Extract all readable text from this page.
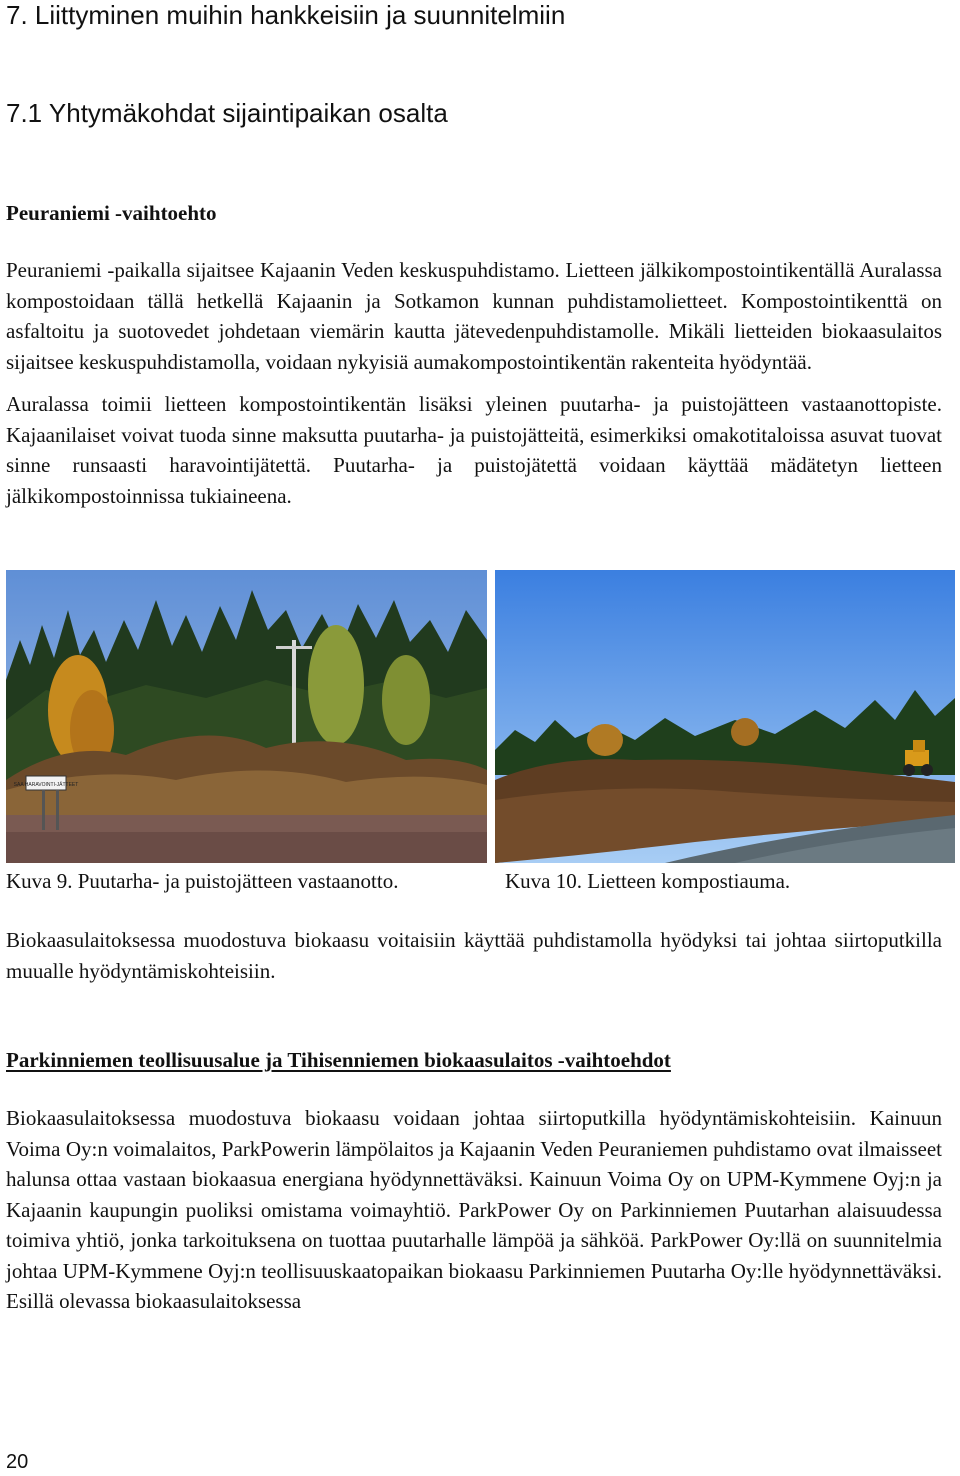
7. Liittyminen muihin hankkeisiin ja suunnitelmiin
7.1 Yhtymäkohdat sijaintipaikan osalta
Peuraniemi -vaihtoehto

Peuraniemi -paikalla sijaitsee Kajaanin Veden keskuspuhdistamo. Lietteen jälkikompostointikentällä Auralassa kompostoidaan tällä hetkellä Kajaanin ja Sotkamon kunnan puhdistamolietteet. Kompostointikenttä on asfaltoitu ja suotovedet johdetaan viemärin kautta jätevedenpuhdistamolle. Mikäli lietteiden biokaasulaitos sijaitsee keskuspuhdistamolla, voidaan nykyisiä aumakompostointikentän rakenteita hyödyntää.

Auralassa toimii lietteen kompostointikentän lisäksi yleinen puutarha- ja puistojätteen vastaanottopiste. Kajaanilaiset voivat tuoda sinne maksutta puutarha- ja puistojätteitä, esimerkiksi omakotitaloissa asuvat tuovat sinne runsaasti haravointijätettä. Puutarha- ja puistojätettä voidaan käyttää mädätetyn lietteen jälkikompostoinnissa tukiaineena.

SAA HARAVOINTI-JÄTTEET
Kuva 9. Puutarha- ja puistojätteen vastaanotto.	Kuva 10. Lietteen kompostiauma.

Biokaasulaitoksessa muodostuva biokaasu voitaisiin käyttää puhdistamolla hyödyksi tai johtaa siirtoputkilla muualle hyödyntämiskohteisiin.

Parkinniemen teollisuusalue ja Tihisenniemen biokaasulaitos -vaihtoehdot

Biokaasulaitoksessa muodostuva biokaasu voidaan johtaa siirtoputkilla hyödyntämiskohteisiin. Kainuun Voima Oy:n voimalaitos, ParkPowerin lämpölaitos ja Kajaanin Veden Peuraniemen puhdistamo ovat ilmaisseet halunsa ottaa vastaan biokaasua energiana hyödynnettäväksi. Kainuun Voima Oy on UPM-Kymmene Oyj:n ja Kajaanin kaupungin puoliksi omistama voimayhtiö. ParkPower Oy on Parkinniemen Puutarhan alaisuudessa toimiva yhtiö, jonka tarkoituksena on tuottaa puutarhalle lämpöä ja sähköä. ParkPower Oy:llä on suunnitelmia johtaa UPM-Kymmene Oyj:n teollisuuskaatopaikan biokaasu Parkinniemen Puutarha Oy:lle hyödynnettäväksi. Esillä olevassa biokaasulaitoksessa

20
